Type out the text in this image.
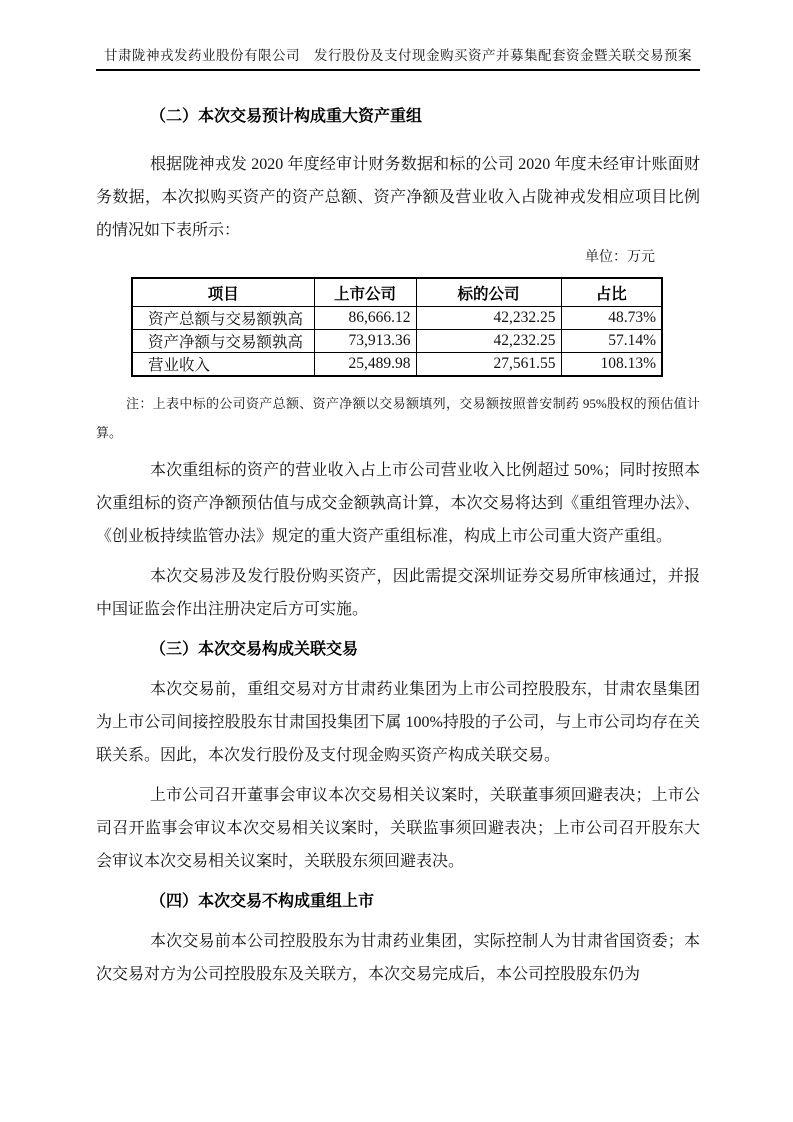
甘肃陇神戎发药业股份有限公司　发行股份及支付现金购买资产并募集配套资金暨关联交易预案
（二）本次交易预计构成重大资产重组

根据陇神戎发 2020 年度经审计财务数据和标的公司 2020 年度未经审计账面财务数据，本次拟购买资产的资产总额、资产净额及营业收入占陇神戎发相应项目比例的情况如下表所示：

单位：万元

项目	上市公司	标的公司	占比
资产总额与交易额孰高	86,666.12	42,232.25	48.73%
资产净额与交易额孰高	73,913.36	42,232.25	57.14%
营业收入	25,489.98	27,561.55	108.13%

注：上表中标的公司资产总额、资产净额以交易额填列，交易额按照普安制药 95%股权的预估值计算。

本次重组标的资产的营业收入占上市公司营业收入比例超过 50%；同时按照本次重组标的资产净额预估值与成交金额孰高计算，本次交易将达到《重组管理办法》、《创业板持续监管办法》规定的重大资产重组标准，构成上市公司重大资产重组。

本次交易涉及发行股份购买资产，因此需提交深圳证券交易所审核通过，并报中国证监会作出注册决定后方可实施。

（三）本次交易构成关联交易

本次交易前，重组交易对方甘肃药业集团为上市公司控股股东，甘肃农垦集团为上市公司间接控股股东甘肃国投集团下属 100%持股的子公司，与上市公司均存在关联关系。因此，本次发行股份及支付现金购买资产构成关联交易。

上市公司召开董事会审议本次交易相关议案时，关联董事须回避表决；上市公司召开监事会审议本次交易相关议案时，关联监事须回避表决；上市公司召开股东大会审议本次交易相关议案时，关联股东须回避表决。

（四）本次交易不构成重组上市

本次交易前本公司控股股东为甘肃药业集团，实际控制人为甘肃省国资委；本次交易对方为公司控股股东及关联方，本次交易完成后，本公司控股股东仍为
